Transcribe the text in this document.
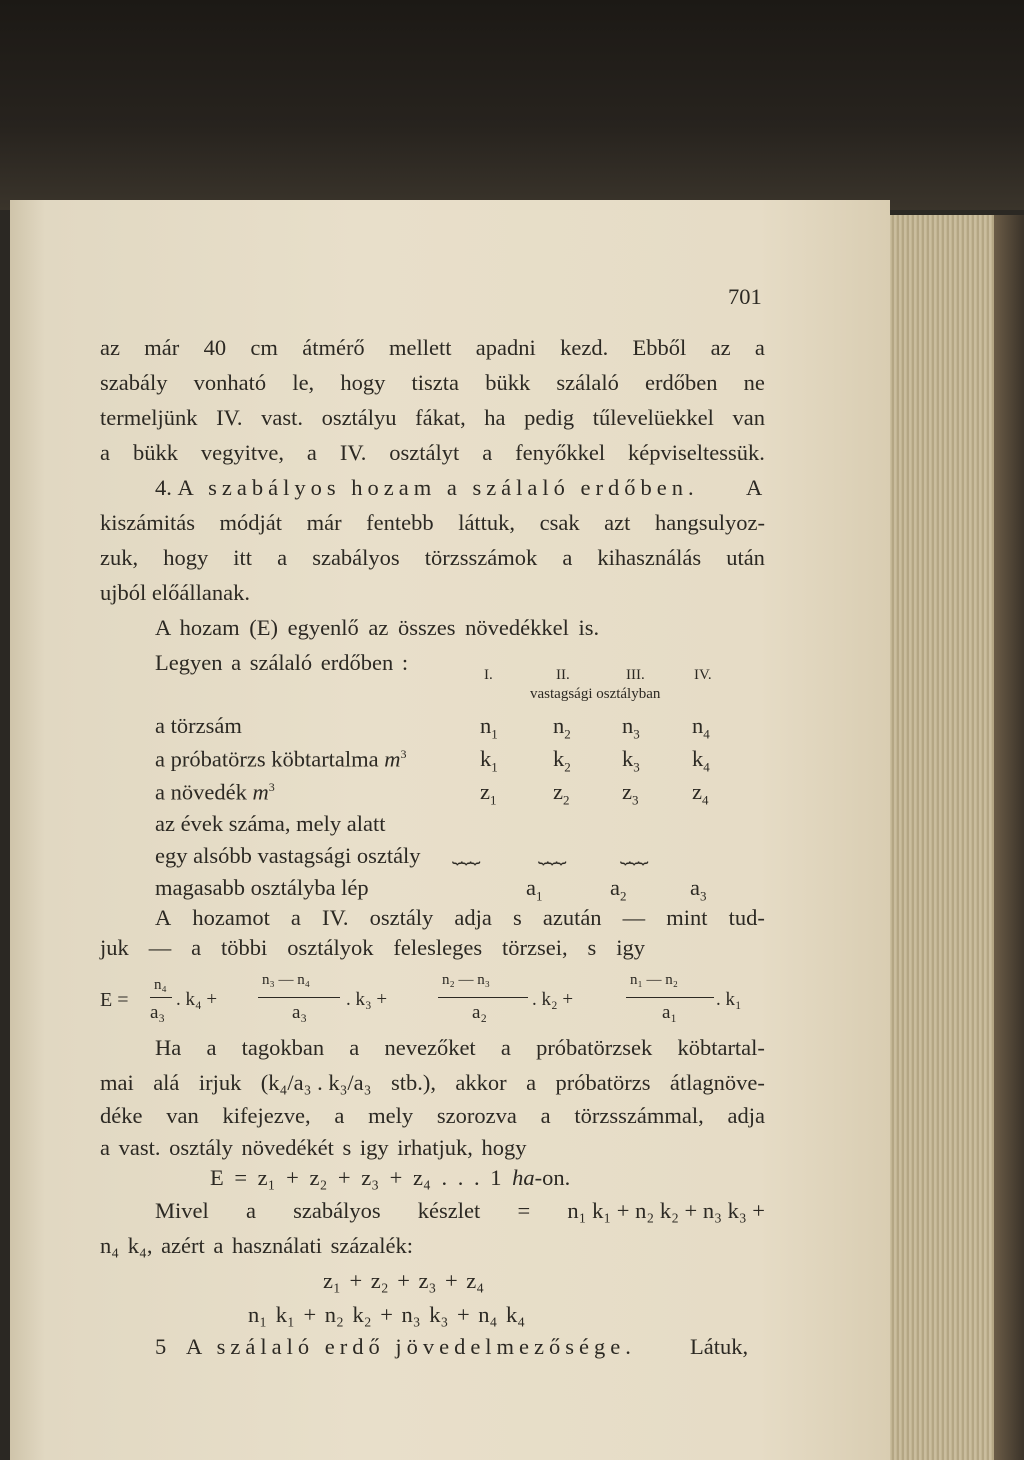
701
az már 40 cm átmérő mellett apadni kezd. Ebből az a
szabály vonható le, hogy tiszta bükk szálaló erdőben ne
termeljünk IV. vast. osztályu fákat, ha pedig tűlevelüekkel van
a bükk vegyitve, a IV. osztályt a fenyőkkel képviseltessük.
4. A szabályos hozam a szálaló erdőben. A
kiszámitás módját már fentebb láttuk, csak azt hangsulyoz-
zuk, hogy itt a szabályos törzsszámok a kihasználás után
ujból előállanak.
A hozam (E) egyenlő az összes növedékkel is.
Legyen a szálaló erdőben :	I.	II.	III.	IV.
vastagsági osztályban
a törzsám	$n_1$ $n_2$ $n_3$ $n_4$
a próbatörzs köbtartalma $m^3$	$k_1$ $k_2$ $k_3$ $k_4$
a növedék $m^3$	$z_1$	$z_2$ $z_3$ $z_4$
az évek száma, mely alatt
egy alsóbb vastagsági osztály ⏟⏟⏟	⏟⏟⏟	⏟⏟⏟
magasabb osztályba lép	$a_1$	$a_2$	$a_3$
A hozamot a IV. osztály adja s azután — mint tud-
juk — a többi osztályok felesleges törzsei, s igy
E =
n₄
a₃
. k₄ +
n₃ — n₄
a₃
. k₃ +
n₂ — n₃
a₂
. k₂ +
n₁ — n₂
a₁
. k₁
Ha a tagokban a nevezőket a próbatörzsek köbtartal-
mai alá irjuk (k₄/a₃ . k₃/a₃ stb.), akkor a próbatörzs átlagnöve-
déke van kifejezve, a mely szorozva a törzsszámmal, adja
a vast. osztály növedékét s igy irhatjuk, hogy
E = z₁ + z₂ + z₃ + z₄ . . . 1 ha-on.
Mivel a szabályos készlet = n₁ k₁ + n₂ k₂ + n₃ k₃ +
n₄ k₄, azért a használati százalék:
z₁ + z₂ + z₃ + z₄
n₁ k₁ + n₂ k₂ + n₃ k₃ + n₄ k₄
5 A szálaló erdő jövedelmezősége. Látuk,
